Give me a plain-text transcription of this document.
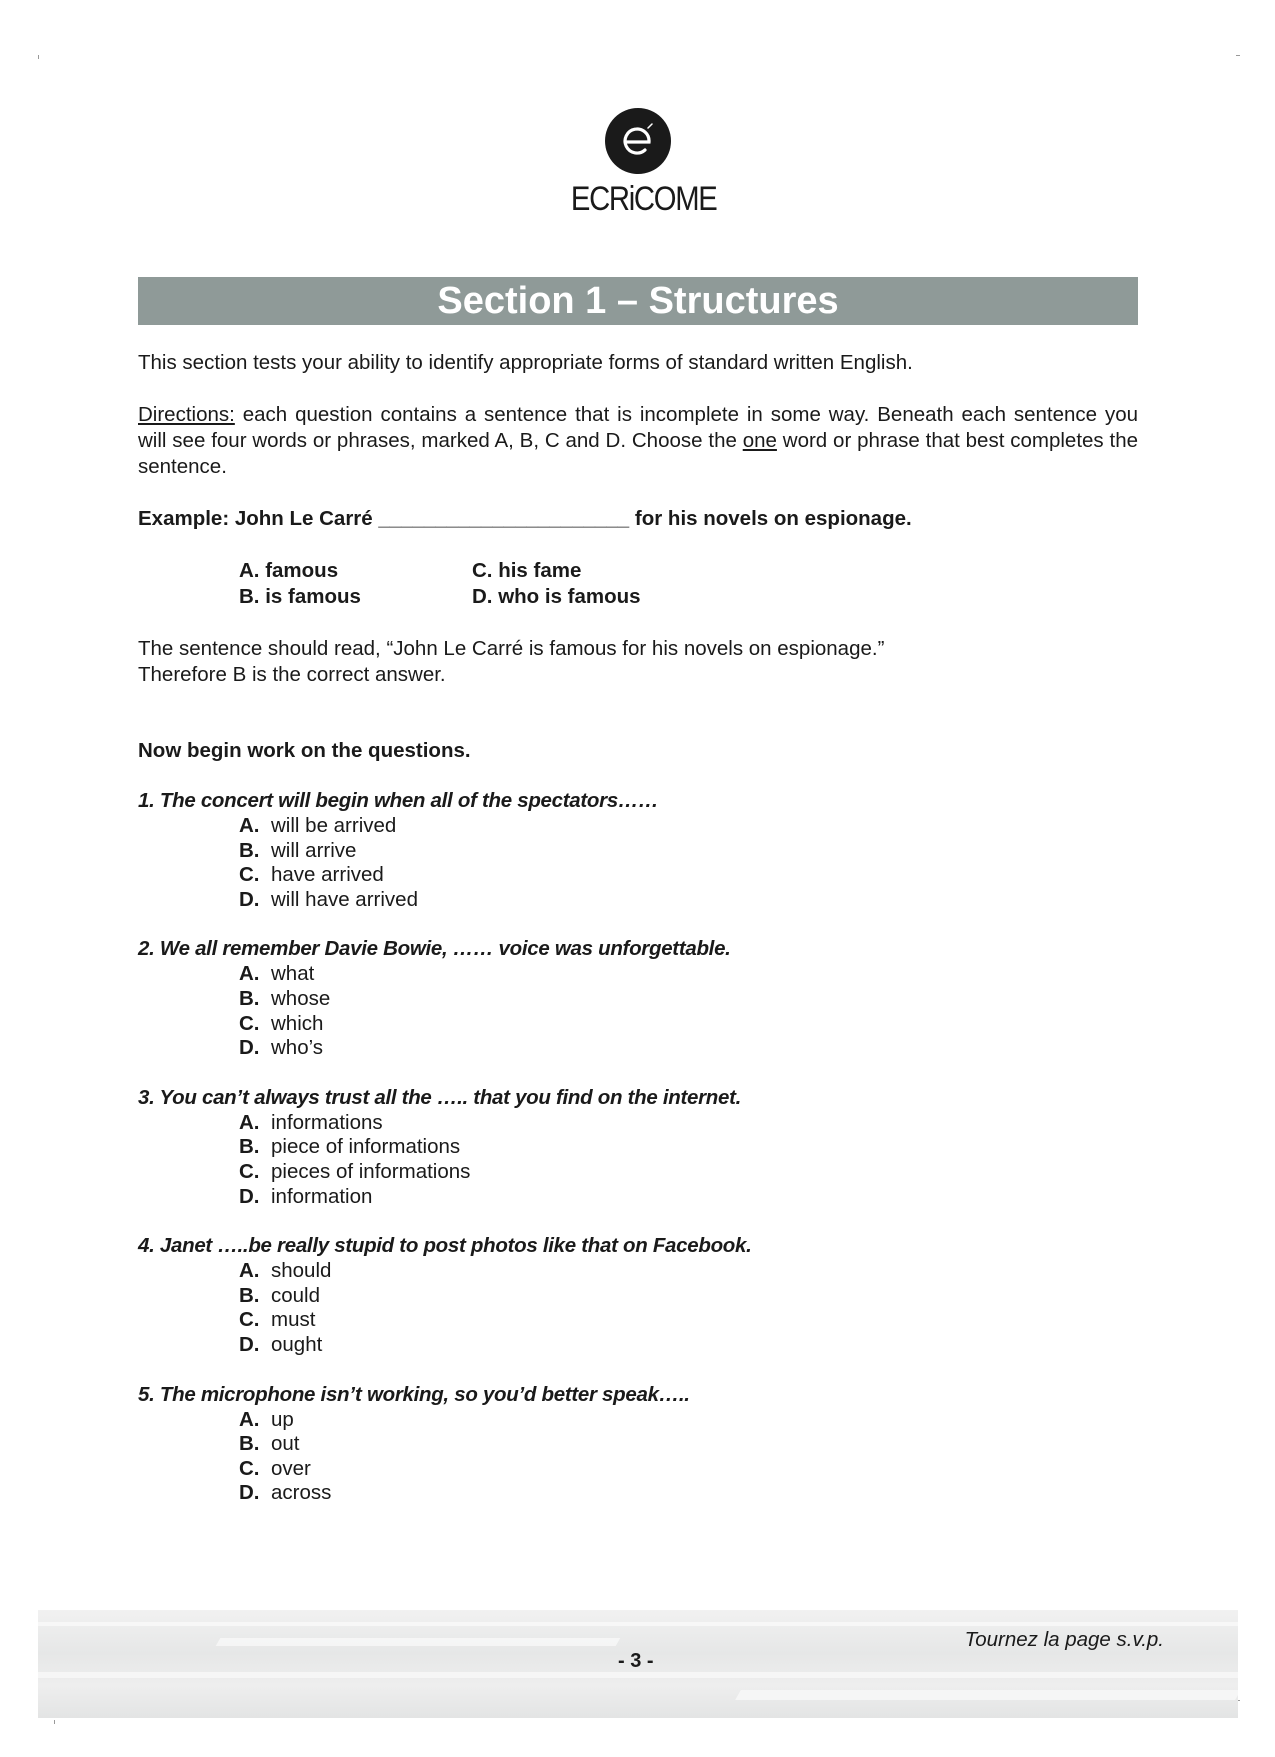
ECRiCOME
Section 1 – Structures

This section tests your ability to identify appropriate forms of standard written English.

Directions: each question contains a sentence that is incomplete in some way. Beneath each sentence you will see four words or phrases, marked A, B, C and D. Choose the one word or phrase that best completes the sentence.

Example: John Le Carré ______________________ for his novels on espionage.

A. famous	C. his fame
B. is famous	D. who is famous

The sentence should read, “John Le Carré is famous for his novels on espionage.”

Therefore B is the correct answer.

Now begin work on the questions.

1. The concert will begin when all of the spectators……
A. will be arrived
B. will arrive
C. have arrived
D. will have arrived
2. We all remember Davie Bowie, …… voice was unforgettable.
A. what
B. whose
C. which
D. who’s
3. You can’t always trust all the ….. that you find on the internet.
A. informations
B. piece of informations
C. pieces of informations
D. information
4. Janet …..be really stupid to post photos like that on Facebook.
A. should
B. could
C. must
D. ought
5. The microphone isn’t working, so you’d better speak…..
A. up
B. out
C. over
D. across
Tournez la page s.v.p.
- 3 -
